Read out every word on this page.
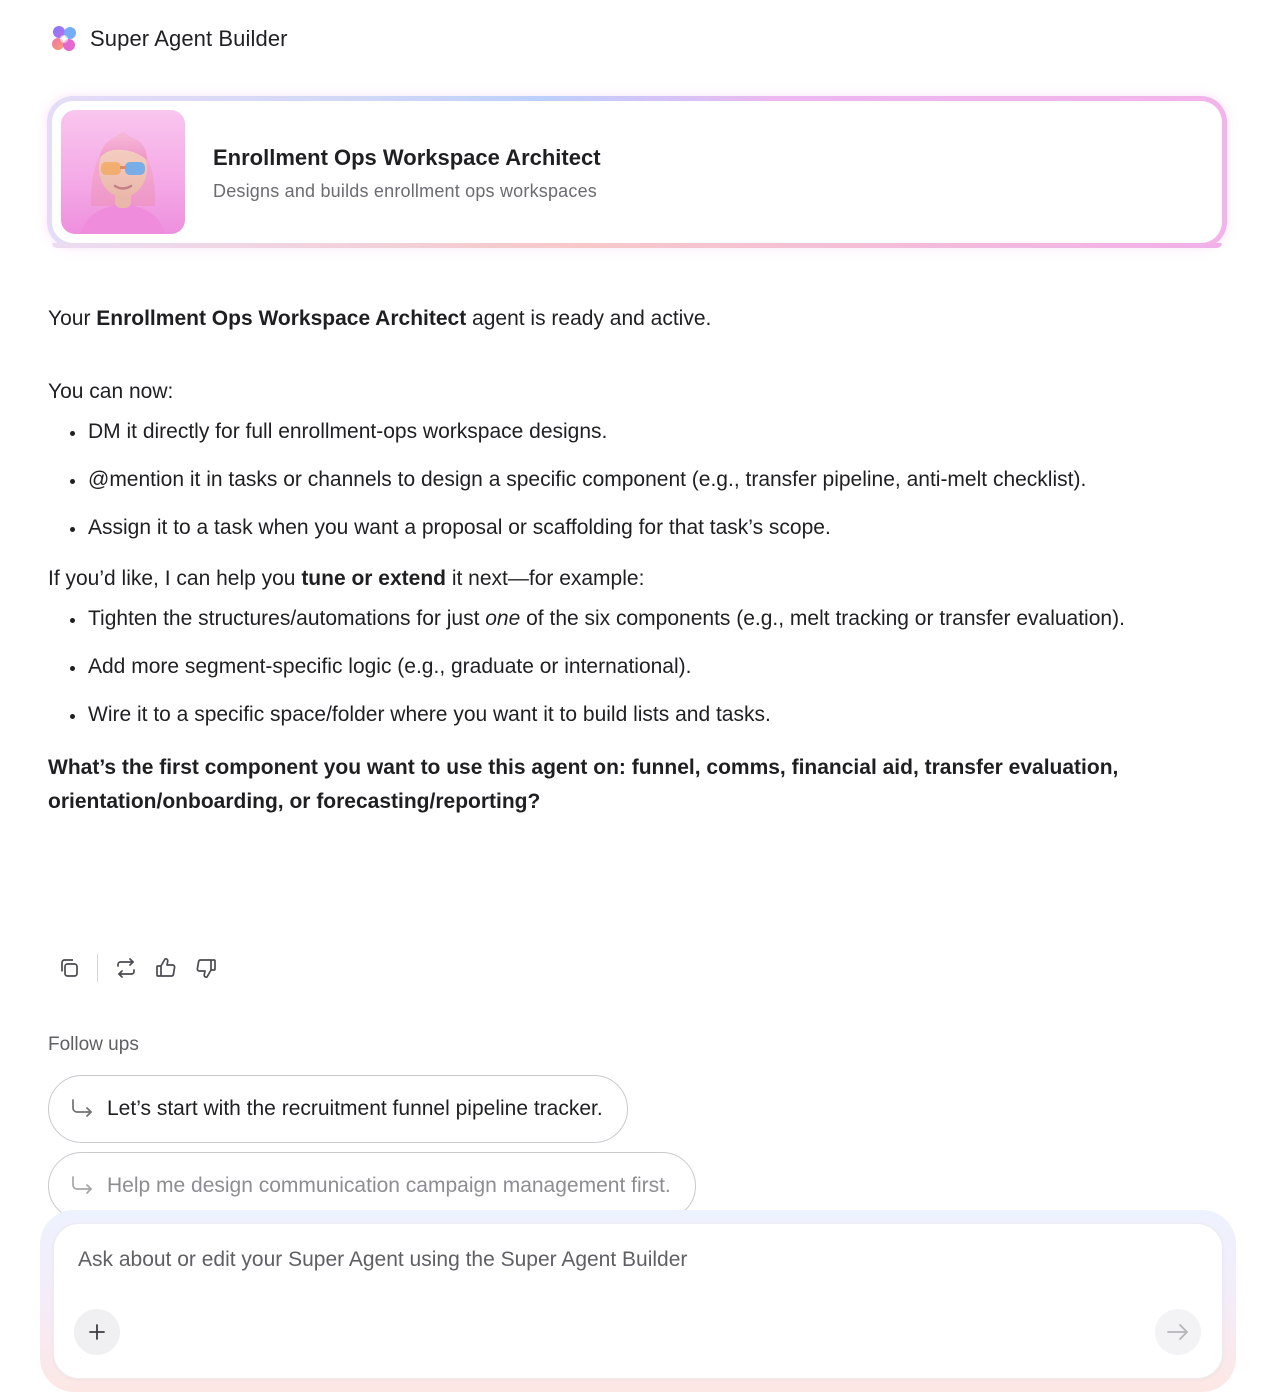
Super Agent Builder
Enrollment Ops Workspace Architect
Designs and builds enrollment ops workspaces

Your Enrollment Ops Workspace Architect agent is ready and active.

You can now:

DM it directly for full enrollment-ops workspace designs.
@mention it in tasks or channels to design a specific component (e.g., transfer pipeline, anti-melt checklist).
Assign it to a task when you want a proposal or scaffolding for that task’s scope.

If you’d like, I can help you tune or extend it next—for example:

Tighten the structures/automations for just one of the six components (e.g., melt tracking or transfer evaluation).
Add more segment-specific logic (e.g., graduate or international).
Wire it to a specific space/folder where you want it to build lists and tasks.

What’s the first component you want to use this agent on: funnel, comms, financial aid, transfer evaluation, orientation/onboarding, or forecasting/reporting?

Follow ups
Let’s start with the recruitment funnel pipeline tracker.
Help me design communication campaign management first.
Ask about or edit your Super Agent using the Super Agent Builder
